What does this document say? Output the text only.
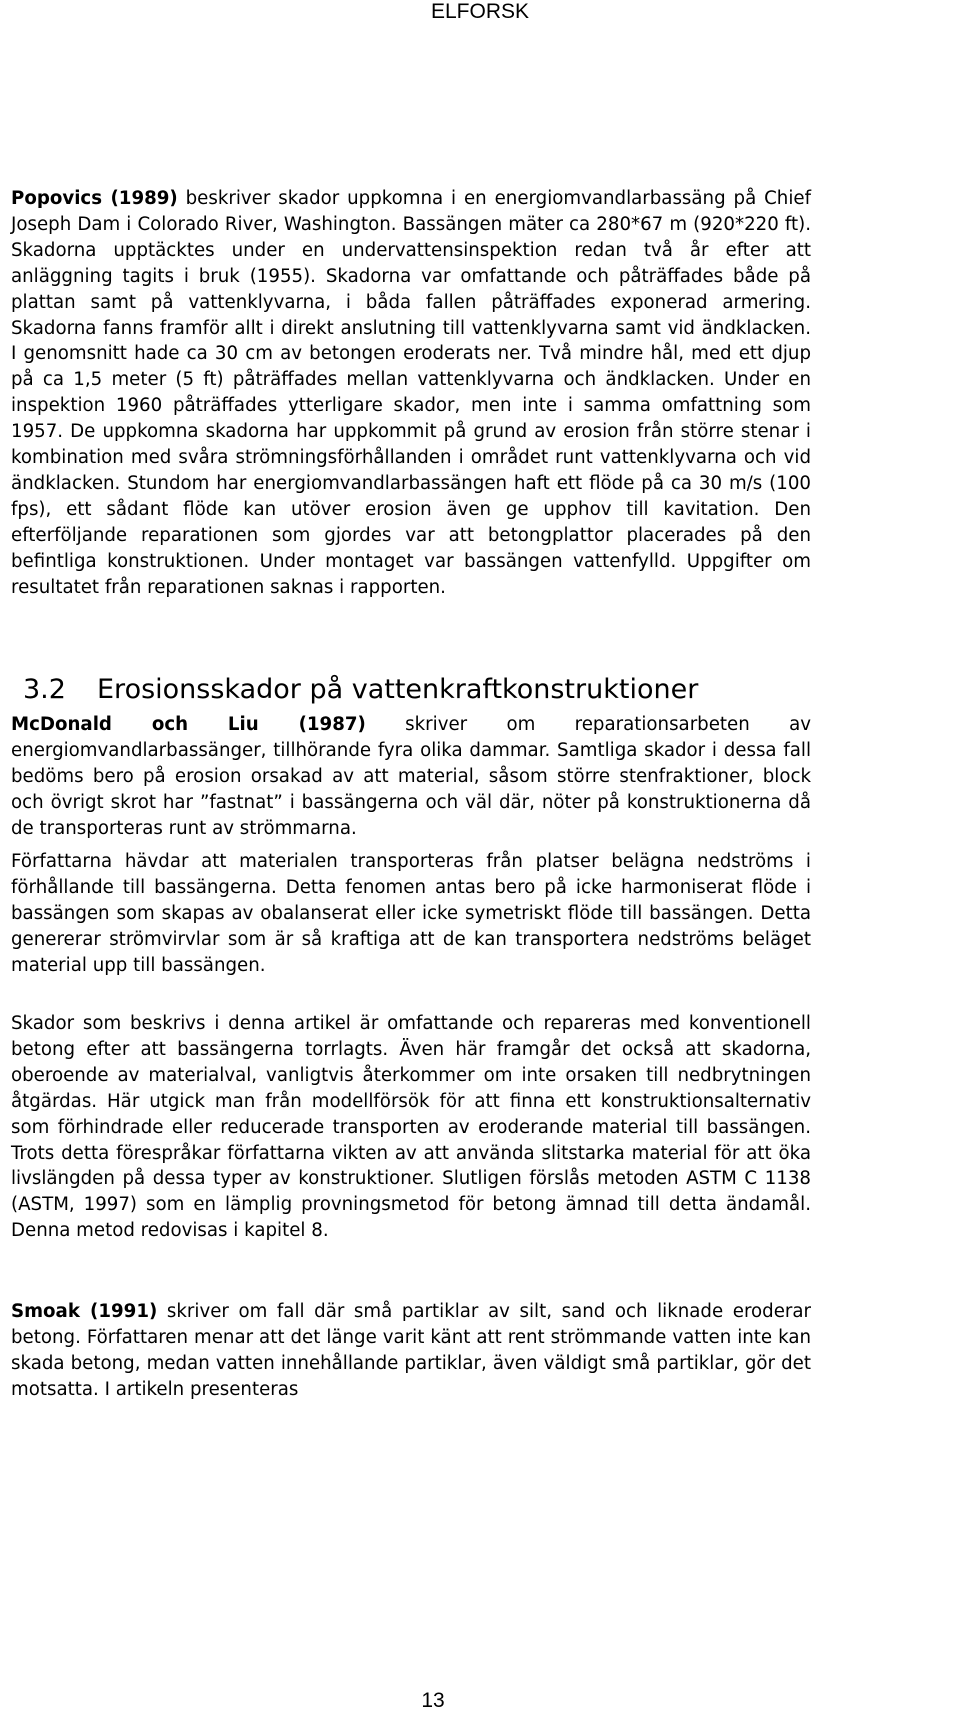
ELFORSK

Popovics (1989) beskriver skador uppkomna i en energiomvandlarbassäng på Chief Joseph Dam i Colorado River, Washington. Bassängen mäter ca 280*67 m (920*220 ft). Skadorna upptäcktes under en undervattensinspektion redan två år efter att anläggning tagits i bruk (1955). Skadorna var omfattande och påträffades både på plattan samt på vattenklyvarna, i båda fallen påträffades exponerad armering. Skadorna fanns framför allt i direkt anslutning till vattenklyvarna samt vid ändklacken. I genomsnitt hade ca 30 cm av betongen eroderats ner. Två mindre hål, med ett djup på ca 1,5 meter (5 ft) påträffades mellan vattenklyvarna och ändklacken. Under en inspektion 1960 påträffades ytterligare skador, men inte i samma omfattning som 1957. De uppkomna skadorna har uppkommit på grund av erosion från större stenar i kombination med svåra strömningsförhållanden i området runt vattenklyvarna och vid ändklacken. Stundom har energiomvandlarbassängen haft ett flöde på ca 30 m/s (100 fps), ett sådant flöde kan utöver erosion även ge upphov till kavitation. Den efterföljande reparationen som gjordes var att betongplattor placerades på den befintliga konstruktionen. Under montaget var bassängen vattenfylld. Uppgifter om resultatet från reparationen saknas i rapporten.

3.2 Erosionsskador på vattenkraftkonstruktioner

McDonald och Liu (1987) skriver om reparationsarbeten av energiomvandlarbassänger, tillhörande fyra olika dammar. Samtliga skador i dessa fall bedöms bero på erosion orsakad av att material, såsom större stenfraktioner, block och övrigt skrot har ”fastnat” i bassängerna och väl där, nöter på konstruktionerna då de transporteras runt av strömmarna.

Författarna hävdar att materialen transporteras från platser belägna nedströms i förhållande till bassängerna. Detta fenomen antas bero på icke harmoniserat flöde i bassängen som skapas av obalanserat eller icke symetriskt flöde till bassängen. Detta genererar strömvirvlar som är så kraftiga att de kan transportera nedströms beläget material upp till bassängen.

Skador som beskrivs i denna artikel är omfattande och repareras med konventionell betong efter att bassängerna torrlagts. Även här framgår det också att skadorna, oberoende av materialval, vanligtvis återkommer om inte orsaken till nedbrytningen åtgärdas. Här utgick man från modellförsök för att finna ett konstruktionsalternativ som förhindrade eller reducerade transporten av eroderande material till bassängen. Trots detta förespråkar författarna vikten av att använda slitstarka material för att öka livslängden på dessa typer av konstruktioner. Slutligen förslås metoden ASTM C 1138 (ASTM, 1997) som en lämplig provningsmetod för betong ämnad till detta ändamål. Denna metod redovisas i kapitel 8.

Smoak (1991) skriver om fall där små partiklar av silt, sand och liknade eroderar betong. Författaren menar att det länge varit känt att rent strömmande vatten inte kan skada betong, medan vatten innehållande partiklar, även väldigt små partiklar, gör det motsatta. I artikeln presenteras

13
